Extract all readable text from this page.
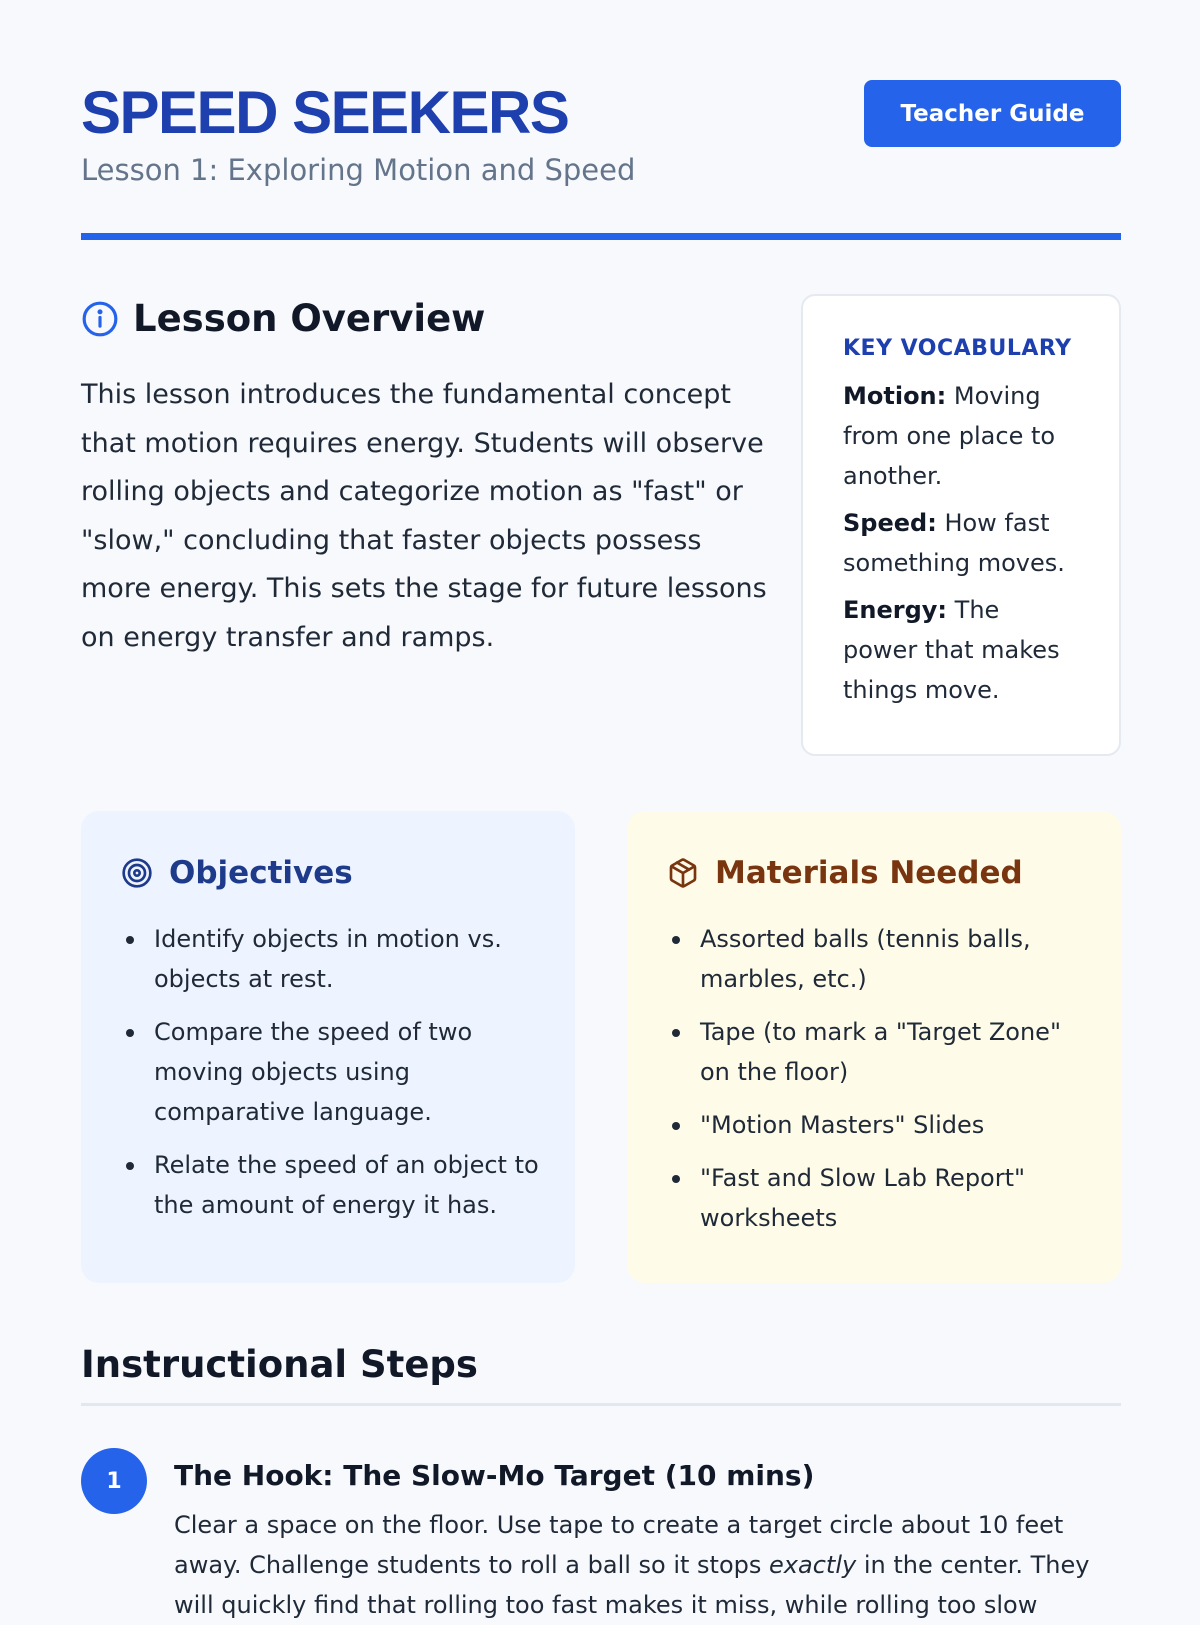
SPEED SEEKERS
Lesson 1: Exploring Motion and Speed
Teacher Guide
Lesson Overview

This lesson introduces the fundamental concept that motion requires energy. Students will observe rolling objects and categorize motion as "fast" or "slow," concluding that faster objects possess more energy. This sets the stage for future lessons on energy transfer and ramps.

KEY VOCABULARY
Motion: Moving from one place to another.
Speed: How fast something moves.
Energy: The power that makes things move.
Objectives
Identify objects in motion vs. objects at rest.
Compare the speed of two moving objects using comparative language.
Relate the speed of an object to the amount of energy it has.
Materials Needed
Assorted balls (tennis balls, marbles, etc.)
Tape (to mark a "Target Zone" on the floor)
"Motion Masters" Slides
"Fast and Slow Lab Report" worksheets
Instructional Steps
1	The Hook: The Slow-Mo Target (10 mins)

Clear a space on the floor. Use tape to create a target circle about 10 feet away. Challenge students to roll a ball so it stops exactly in the center. They will quickly find that rolling too fast makes it miss, while rolling too slow
